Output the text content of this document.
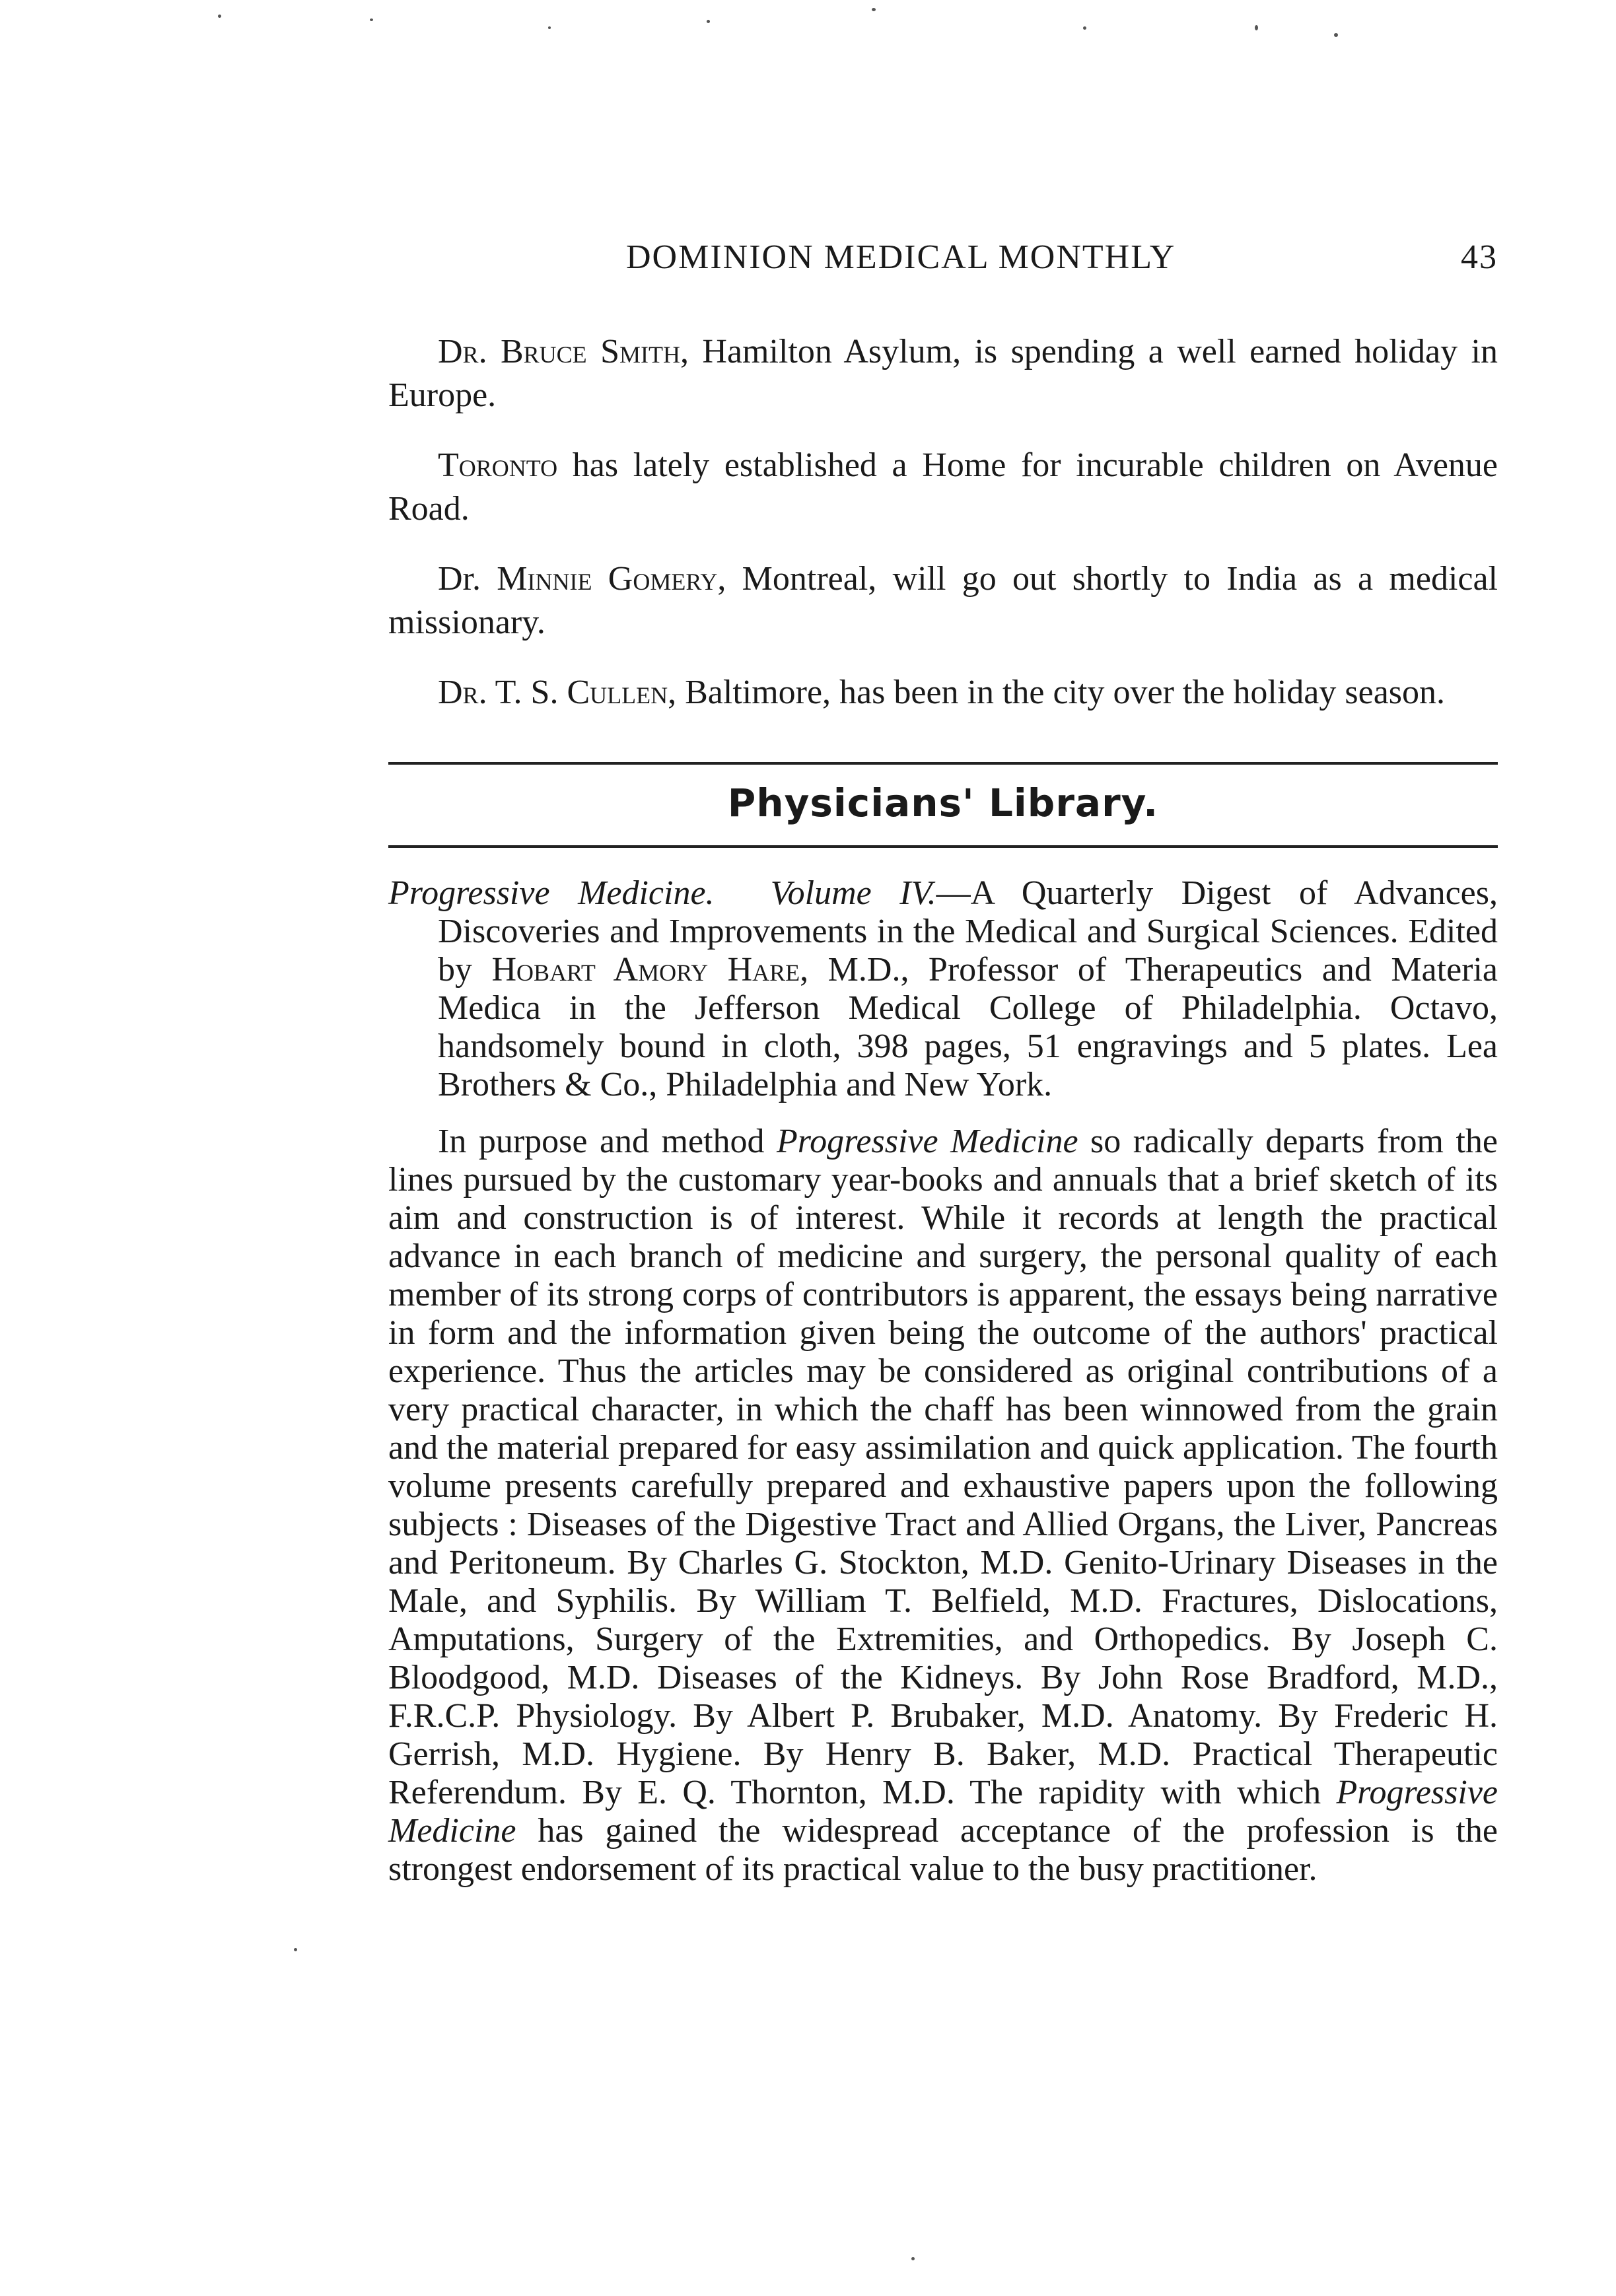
DOMINION MEDICAL MONTHLY	43

Dr. Bruce Smith, Hamilton Asylum, is spending a well earned holiday in Europe.

Toronto has lately established a Home for incurable children on Avenue Road.

Dr. Minnie Gomery, Montreal, will go out shortly to India as a medical missionary.

Dr. T. S. Cullen, Baltimore, has been in the city over the holiday season.

Physicians' Library.

Progressive Medicine. Volume IV.—A Quarterly Digest of Advances, Discoveries and Improvements in the Medical and Surgical Sciences. Edited by Hobart Amory Hare, M.D., Professor of Therapeutics and Materia Medica in the Jefferson Medical College of Philadelphia. Octavo, handsomely bound in cloth, 398 pages, 51 engravings and 5 plates. Lea Brothers & Co., Philadelphia and New York.

In purpose and method Progressive Medicine so radically departs from the lines pursued by the customary year-books and annuals that a brief sketch of its aim and construction is of interest. While it records at length the practical advance in each branch of medicine and surgery, the personal quality of each member of its strong corps of contributors is apparent, the essays being narrative in form and the information given being the outcome of the authors' practical experience. Thus the articles may be considered as original contributions of a very practical character, in which the chaff has been winnowed from the grain and the material prepared for easy assimilation and quick application. The fourth volume presents carefully prepared and exhaustive papers upon the following subjects : Diseases of the Digestive Tract and Allied Organs, the Liver, Pancreas and Peritoneum. By Charles G. Stockton, M.D. Genito-Urinary Diseases in the Male, and Syphilis. By William T. Belfield, M.D. Fractures, Dislocations, Amputations, Surgery of the Extremities, and Orthopedics. By Joseph C. Bloodgood, M.D. Diseases of the Kidneys. By John Rose Bradford, M.D., F.R.C.P. Physiology. By Albert P. Brubaker, M.D. Anatomy. By Frederic H. Gerrish, M.D. Hygiene. By Henry B. Baker, M.D. Practical Therapeutic Referendum. By E. Q. Thornton, M.D. The rapidity with which Progressive Medicine has gained the widespread acceptance of the profession is the strongest endorsement of its practical value to the busy practitioner.
